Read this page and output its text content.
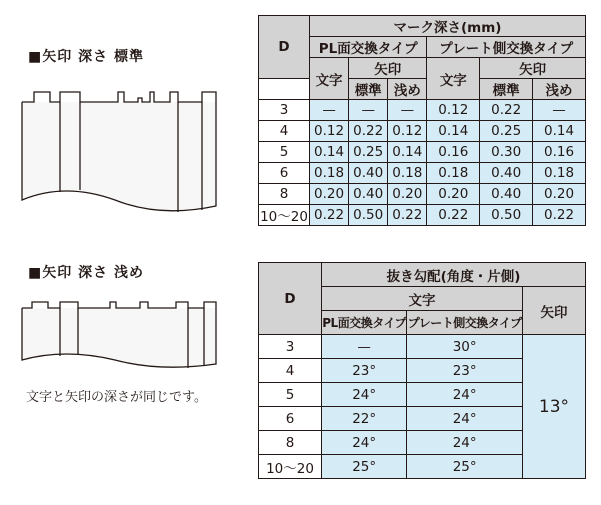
■矢印 深さ 標準
D	マーク深さ(mm)					
	PL面交換タイプ			プレート側交換タイプ		
	文字	矢印		文字	矢印	
		標準	浅め		標準	浅め
3	—	—	—	0.12	0.22	—
4	0.12	0.22	0.12	0.14	0.25	0.14
5	0.14	0.25	0.14	0.16	0.30	0.16
6	0.18	0.40	0.18	0.18	0.40	0.18
8	0.20	0.40	0.20	0.20	0.40	0.20
10〜20	0.22	0.50	0.22	0.22	0.50	0.22
■矢印 深さ 浅め
文字と矢印の深さが同じです。
D	抜き勾配(角度・片側)		
	文字		矢印
	PL面交換タイプ	プレート側交換タイプ	
3	—	30°	13°
4	23°	23°	
5	24°	24°	
6	22°	24°	
8	24°	24°	
10〜20	25°	25°	
